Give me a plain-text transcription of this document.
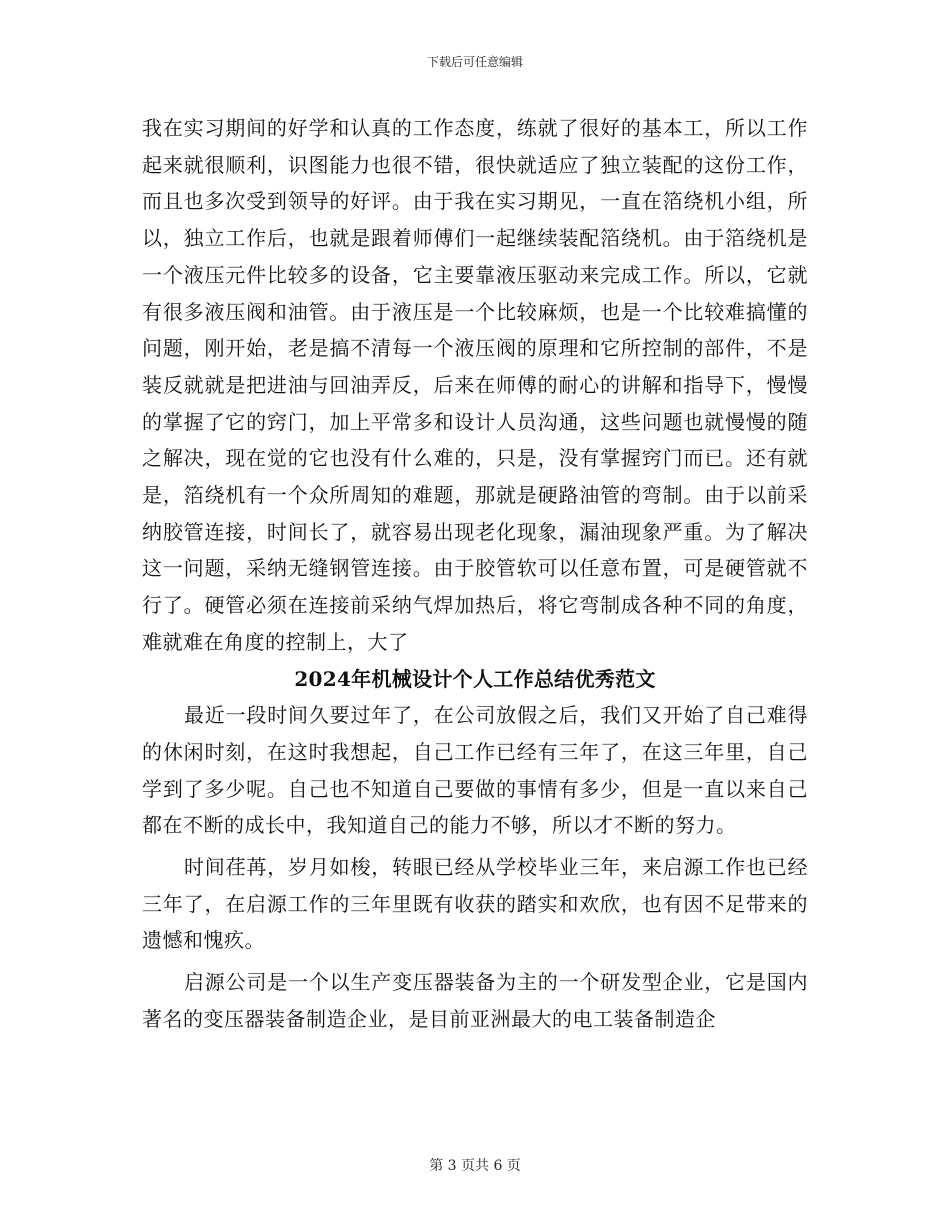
下载后可任意编辑

我在实习期间的好学和认真的工作态度，练就了很好的基本工，所以工作起来就很顺利，识图能力也很不错，很快就适应了独立装配的这份工作，而且也多次受到领导的好评。由于我在实习期见，一直在箔绕机小组，所以，独立工作后，也就是跟着师傅们一起继续装配箔绕机。由于箔绕机是一个液压元件比较多的设备，它主要靠液压驱动来完成工作。所以，它就有很多液压阀和油管。由于液压是一个比较麻烦，也是一个比较难搞懂的问题，刚开始，老是搞不清每一个液压阀的原理和它所控制的部件，不是装反就就是把进油与回油弄反，后来在师傅的耐心的讲解和指导下，慢慢的掌握了它的窍门，加上平常多和设计人员沟通，这些问题也就慢慢的随之解决，现在觉的它也没有什么难的，只是，没有掌握窍门而已。还有就是，箔绕机有一个众所周知的难题，那就是硬路油管的弯制。由于以前采纳胶管连接，时间长了，就容易出现老化现象，漏油现象严重。为了解决这一问题，采纳无缝钢管连接。由于胶管软可以任意布置，可是硬管就不行了。硬管必须在连接前采纳气焊加热后，将它弯制成各种不同的角度，难就难在角度的控制上，大了

2024年机械设计个人工作总结优秀范文

最近一段时间久要过年了，在公司放假之后，我们又开始了自己难得的休闲时刻，在这时我想起，自己工作已经有三年了，在这三年里，自己学到了多少呢。自己也不知道自己要做的事情有多少，但是一直以来自己都在不断的成长中，我知道自己的能力不够，所以才不断的努力。

时间荏苒，岁月如梭，转眼已经从学校毕业三年，来启源工作也已经三年了，在启源工作的三年里既有收获的踏实和欢欣，也有因不足带来的遗憾和愧疚。

启源公司是一个以生产变压器装备为主的一个研发型企业，它是国内著名的变压器装备制造企业，是目前亚洲最大的电工装备制造企

第 3 页共 6 页
